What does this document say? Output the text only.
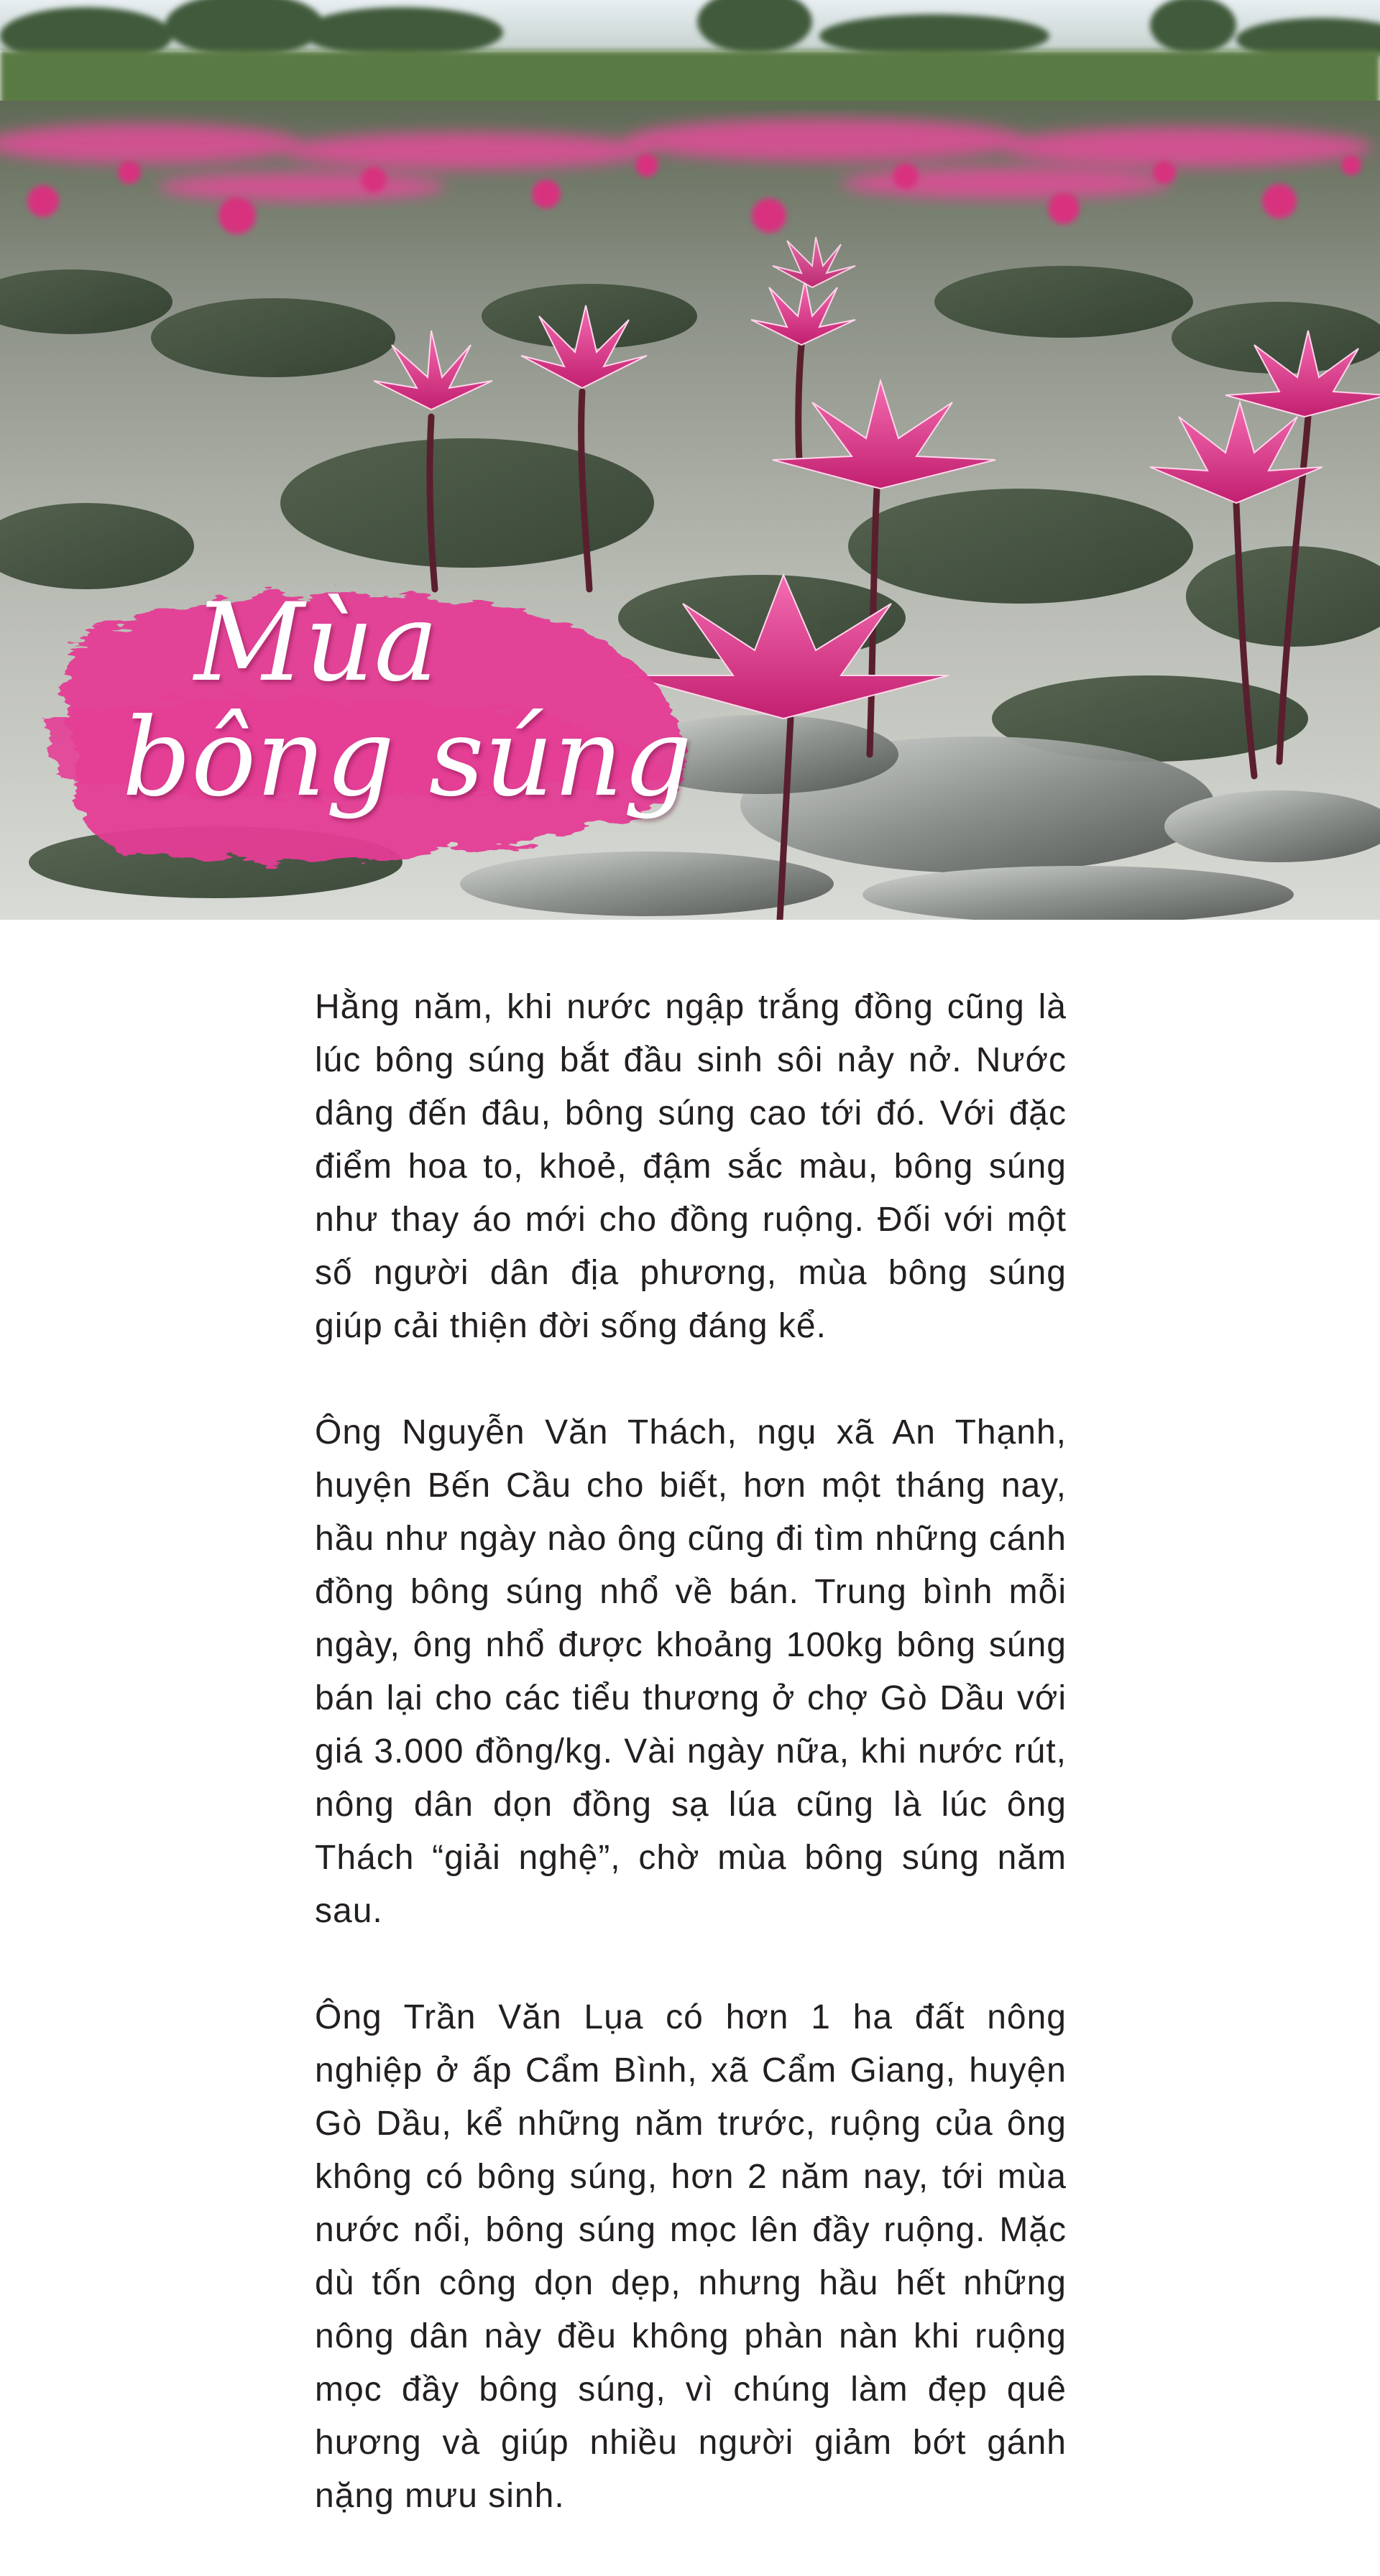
Mùa
bông súng

Hằng năm, khi nước ngập trắng đồng cũng là lúc bông súng bắt đầu sinh sôi nảy nở. Nước dâng đến đâu, bông súng cao tới đó. Với đặc điểm hoa to, khoẻ, đậm sắc màu, bông súng như thay áo mới cho đồng ruộng. Đối với một số người dân địa phương, mùa bông súng giúp cải thiện đời sống đáng kể.

Ông Nguyễn Văn Thách, ngụ xã An Thạnh, huyện Bến Cầu cho biết, hơn một tháng nay, hầu như ngày nào ông cũng đi tìm những cánh đồng bông súng nhổ về bán. Trung bình mỗi ngày, ông nhổ được khoảng 100kg bông súng bán lại cho các tiểu thương ở chợ Gò Dầu với giá 3.000 đồng/kg. Vài ngày nữa, khi nước rút, nông dân dọn đồng sạ lúa cũng là lúc ông Thách “giải nghệ”, chờ mùa bông súng năm sau.

Ông Trần Văn Lụa có hơn 1 ha đất nông nghiệp ở ấp Cẩm Bình, xã Cẩm Giang, huyện Gò Dầu, kể những năm trước, ruộng của ông không có bông súng, hơn 2 năm nay, tới mùa nước nổi, bông súng mọc lên đầy ruộng. Mặc dù tốn công dọn dẹp, nhưng hầu hết những nông dân này đều không phàn nàn khi ruộng mọc đầy bông súng, vì chúng làm đẹp quê hương và giúp nhiều người giảm bớt gánh nặng mưu sinh.
